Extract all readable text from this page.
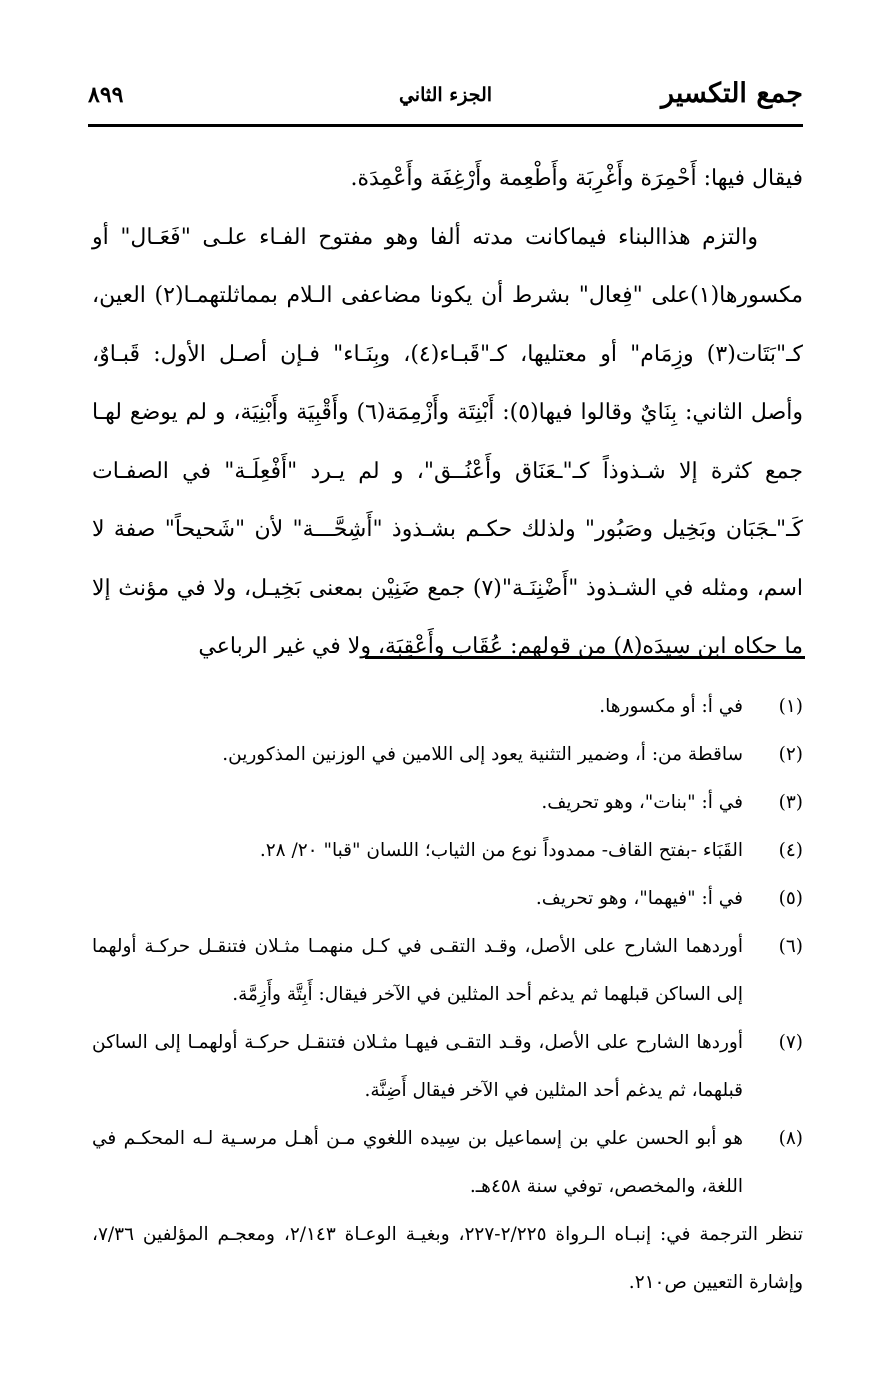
جمع التكسير
الجزء الثاني
٨٩٩

فيقال فيها: أَحْمِرَة وأَغْرِبَة وأَطْعِمة وأَرْغِفَة وأَعْمِدَة.

والتزم هذاالبناء فيماكانت مدته ألفا وهو مفتوح الفـاء علـى "فَعَـال" أو مكسورها(١)على "فِعال" بشرط أن يكونا مضاعفى الـلام بمماثلتهمـا(٢) العين، كـ"بَتَات(٣) وزِمَام" أو معتليها، كـ"قَبـاء(٤)، وبِنَـاء" فـإن أصـل الأول: قَبـاوٌ، وأصل الثاني: بِنَايٌ وقالوا فيها(٥): أَبْنِتَة وأَزْمِمَة(٦) وأَقْبِيَة وأَبْنِيَة، و لم يوضع لهـا جمع كثرة إلا شـذوذاً كـ"ـعَنَاق وأَعْنُــق"، و لم يـرد "أَفْعِلَـة" في الصفـات كَـ"ـجَبَان وبَخِيل وصَبُور" ولذلك حكـم بشـذوذ "أَشِحَّـــة" لأن "شَحيحاً" صفة لا اسم، ومثله في الشـذوذ "أَضْنِنَـة"(٧) جمع ضَنِيْن بمعنى بَخِيـل، ولا في مؤنث إلا ما حكاه ابن سِيدَه(٨) من قولهم: عُقَاب وأَعْقِبَة، ولا في غير الرباعي

(١)
في أ: أو مكسورها.
(٢)
ساقطة من: أ، وضمير التثنية يعود إلى اللامين في الوزنين المذكورين.
(٣)
في أ: "بنات"، وهو تحريف.
(٤)
القَبَاء -بفتح القاف- ممدوداً نوع من الثياب؛ اللسان "قبا" ٢٠/ ٢٨.
(٥)
في أ: "فيهما"، وهو تحريف.
(٦)
أوردهما الشارح على الأصل، وقـد التقـى في كـل منهمـا مثـلان فتنقـل حركـة أولهما إلى الساكن قبلهما ثم يدغم أحد المثلين في الآخر فيقال: أَبِتَّة وأَزِمَّة.
(٧)
أوردها الشارح على الأصل، وقـد التقـى فيهـا مثـلان فتنقـل حركـة أولهمـا إلى الساكن قبلهما، ثم يدغم أحد المثلين في الآخر فيقال أَضِنَّة.
(٨)
هو أبو الحسن علي بن إسماعيل بن سِيده اللغوي مـن أهـل مرسـية لـه المحكـم في اللغة، والمخصص، توفي سنة ٤٥٨هـ.
تنظر الترجمة في: إنبـاه الـرواة ٢/٢٢٥-٢٢٧، وبغيـة الوعـاة ٢/١٤٣، ومعجـم المؤلفين ٧/٣٦، وإشارة التعيين ص٢١٠.
